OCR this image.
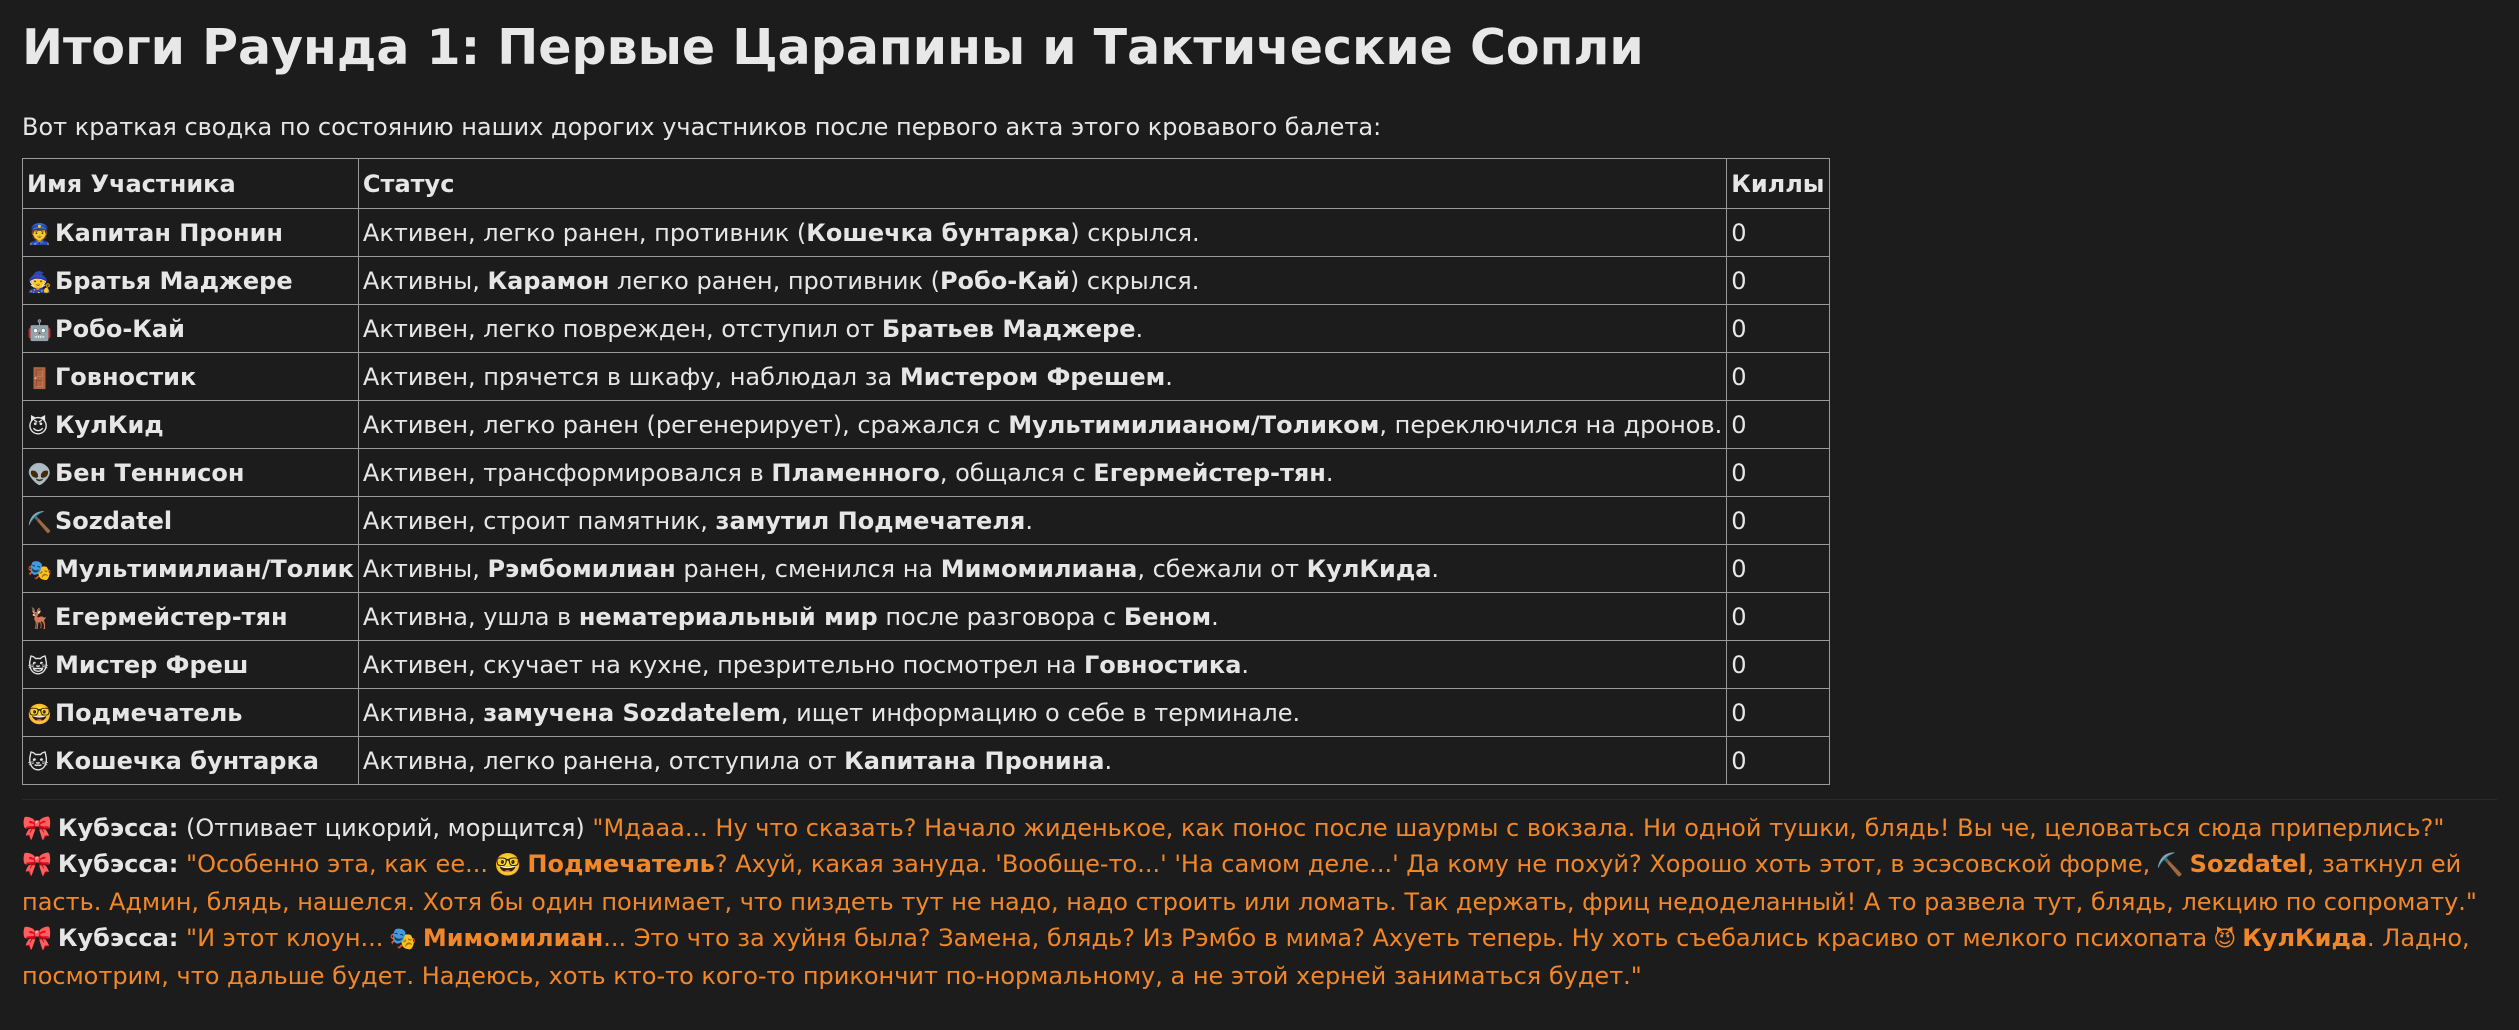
Итоги Раунда 1: Первые Царапины и Тактические Сопли

Вот краткая сводка по состоянию наших дорогих участников после первого акта этого кровавого балета:

Имя Участника	Статус	Киллы
👮 Капитан Пронин	Активен, легко ранен, противник (Кошечка бунтарка) скрылся.	0
🧙 Братья Маджере	Активны, Карамон легко ранен, противник (Робо-Кай) скрылся.	0
🤖 Робо-Кай	Активен, легко поврежден, отступил от Братьев Маджере.	0
🚪 Говностик	Активен, прячется в шкафу, наблюдал за Мистером Фрешем.	0
😈 КулКид	Активен, легко ранен (регенерирует), сражался с Мультимилианом/Толиком, переключился на дронов.	0
👽 Бен Теннисон	Активен, трансформировался в Пламенного, общался с Егермейстер-тян.	0
⛏️ Sozdatel	Активен, строит памятник, замутил Подмечателя.	0
🎭 Мультимилиан/Толик	Активны, Рэмбомилиан ранен, сменился на Мимомилиана, сбежали от КулКида.	0
🦌 Егермейстер-тян	Активна, ушла в нематериальный мир после разговора с Беном.	0
😺 Мистер Фреш	Активен, скучает на кухне, презрительно посмотрел на Говностика.	0
🤓 Подмечатель	Активна, замучена Sozdatelem, ищет информацию о себе в терминале.	0
🐱 Кошечка бунтарка	Активна, легко ранена, отступила от Капитана Пронина.	0

🎀 Кубэсса: (Отпивает цикорий, морщится) "Мдааа... Ну что сказать? Начало жиденькое, как понос после шаурмы с вокзала. Ни одной тушки, блядь! Вы че, целоваться сюда приперлись?"

🎀 Кубэсса: "Особенно эта, как ее... 🤓 Подмечатель? Ахуй, какая зануда. 'Вообще-то...' 'На самом деле...' Да кому не похуй? Хорошо хоть этот, в эсэсовской форме, ⛏️ Sozdatel, заткнул ей пасть. Админ, блядь, нашелся. Хотя бы один понимает, что пиздеть тут не надо, надо строить или ломать. Так держать, фриц недоделанный! А то развела тут, блядь, лекцию по сопромату."

🎀 Кубэсса: "И этот клоун... 🎭 Мимомилиан... Это что за хуйня была? Замена, блядь? Из Рэмбо в мима? Ахуеть теперь. Ну хоть съебались красиво от мелкого психопата 😈 КулКида. Ладно, посмотрим, что дальше будет. Надеюсь, хоть кто-то кого-то прикончит по-нормальному, а не этой херней заниматься будет."
